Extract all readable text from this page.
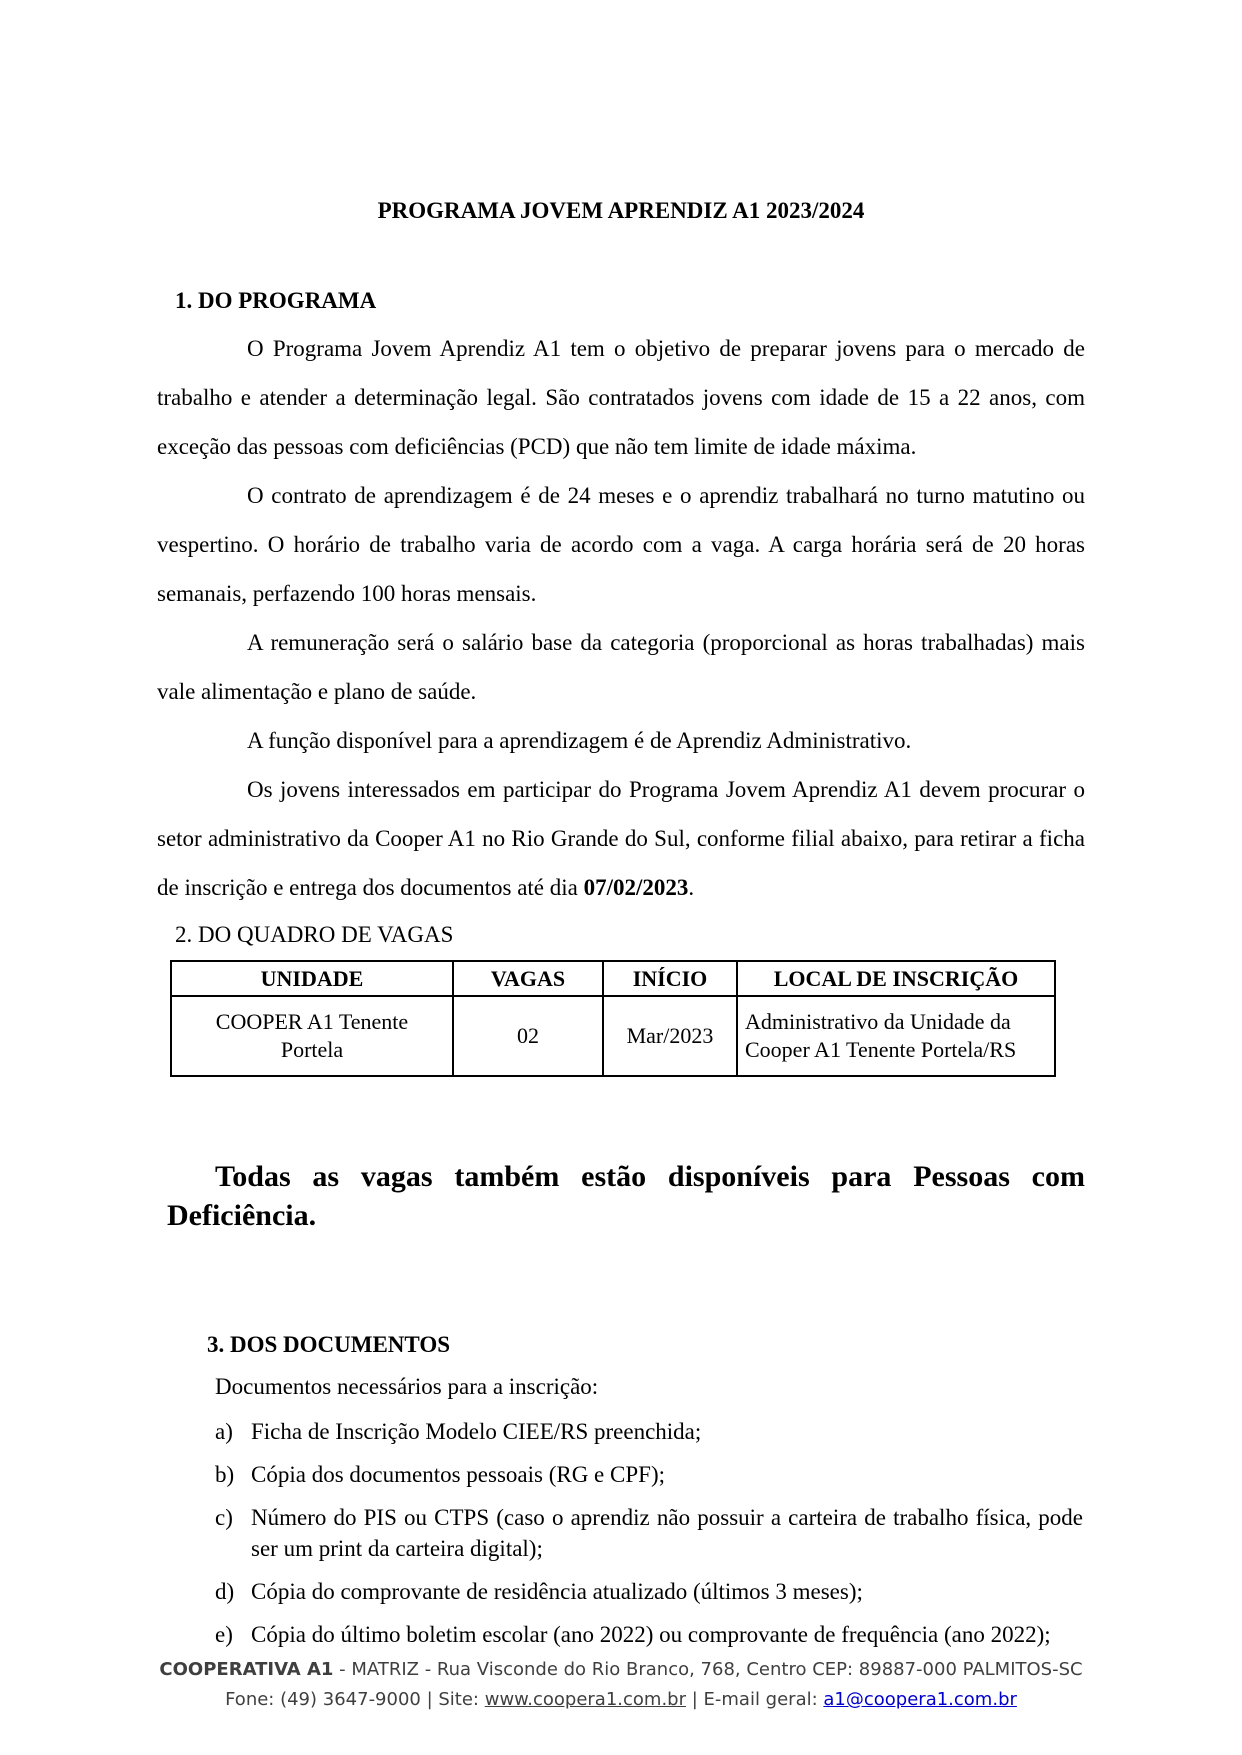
PROGRAMA JOVEM APRENDIZ A1 2023/2024
1. DO PROGRAMA

O Programa Jovem Aprendiz A1 tem o objetivo de preparar jovens para o mercado de trabalho e atender a determinação legal. São contratados jovens com idade de 15 a 22 anos, com exceção das pessoas com deficiências (PCD) que não tem limite de idade máxima.

O contrato de aprendizagem é de 24 meses e o aprendiz trabalhará no turno matutino ou vespertino. O horário de trabalho varia de acordo com a vaga. A carga horária será de 20 horas semanais, perfazendo 100 horas mensais.

A remuneração será o salário base da categoria (proporcional as horas trabalhadas) mais vale alimentação e plano de saúde.

A função disponível para a aprendizagem é de Aprendiz Administrativo.

Os jovens interessados em participar do Programa Jovem Aprendiz A1 devem procurar o setor administrativo da Cooper A1 no Rio Grande do Sul, conforme filial abaixo, para retirar a ficha de inscrição e entrega dos documentos até dia 07/02/2023.

2. DO QUADRO DE VAGAS
UNIDADE	VAGAS	INÍCIO	LOCAL DE INSCRIÇÃO

COOPER A1 Tenente Portela	02	Mar/2023	Administrativo da Unidade da Cooper A1 Tenente Portela/RS
Todas as vagas também estão disponíveis para Pessoas com Deficiência.
3. DOS DOCUMENTOS
Documentos necessários para a inscrição:
a) Ficha de Inscrição Modelo CIEE/RS preenchida;
b) Cópia dos documentos pessoais (RG e CPF);
c) Número do PIS ou CTPS (caso o aprendiz não possuir a carteira de trabalho física, pode ser um print da carteira digital);
d) Cópia do comprovante de residência atualizado (últimos 3 meses);
e) Cópia do último boletim escolar (ano 2022) ou comprovante de frequência (ano 2022);
COOPERATIVA A1 - MATRIZ - Rua Visconde do Rio Branco, 768, Centro CEP: 89887-000 PALMITOS-SC
Fone: (49) 3647-9000 | Site: www.coopera1.com.br | E-mail geral: a1@coopera1.com.br
